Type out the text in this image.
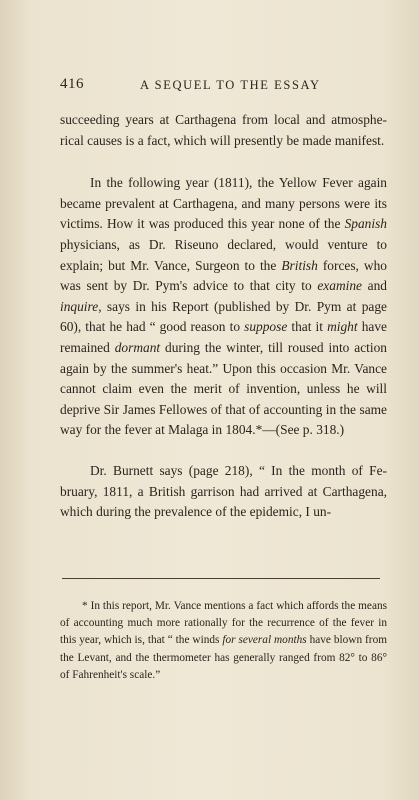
416	A SEQUEL TO THE ESSAY

succeeding years at Carthagena from local and atmospherical causes is a fact, which will presently be made manifest.

In the following year (1811), the Yellow Fever again became prevalent at Carthagena, and many persons were its victims. How it was produced this year none of the Spanish physicians, as Dr. Riseuno declared, would venture to explain; but Mr. Vance, Surgeon to the British forces, who was sent by Dr. Pym's advice to that city to examine and inquire, says in his Report (published by Dr. Pym at page 60), that he had “ good reason to suppose that it might have remained dormant during the winter, till roused into action again by the summer's heat.” Upon this occasion Mr. Vance cannot claim even the merit of invention, unless he will deprive Sir James Fellowes of that of accounting in the same way for the fever at Malaga in 1804.*—(See p. 318.)

Dr. Burnett says (page 218), “ In the month of February, 1811, a British garrison had arrived at Carthagena, which during the prevalence of the epidemic, I un-

* In this report, Mr. Vance mentions a fact which affords the means of accounting much more rationally for the recurrence of the fever in this year, which is, that “ the winds for several months have blown from the Levant, and the thermometer has generally ranged from 82° to 86° of Fahrenheit's scale.”
